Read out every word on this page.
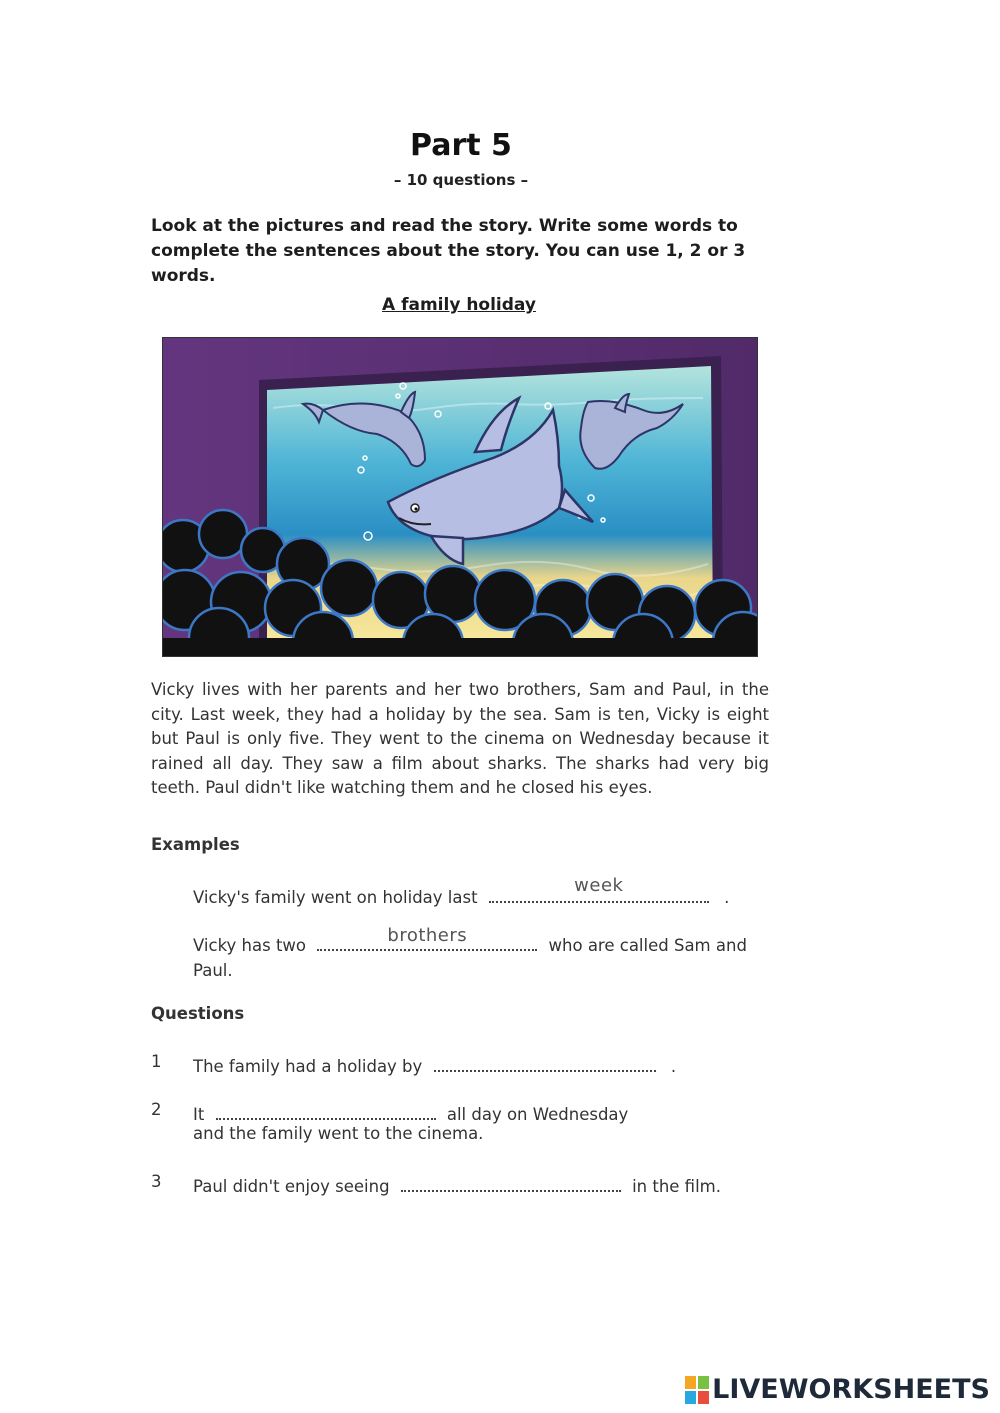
Part 5
– 10 questions –
Look at the pictures and read the story. Write some words to complete the sentences about the story. You can use 1, 2 or 3 words.
A family holiday
Vicky lives with her parents and her two brothers, Sam and Paul, in the city. Last week, they had a holiday by the sea. Sam is ten, Vicky is eight but Paul is only five. They went to the cinema on Wednesday because it rained all day. They saw a film about sharks. The sharks had very big teeth. Paul didn't like watching them and he closed his eyes.
Examples
Vicky's family went on holiday last
week
.
Vicky has two	brothers	who are called Sam and Paul.
Questions
1 The family had a holiday by	.
2 It	all day on Wednesday
and the family went to the cinema.
3 Paul didn't enjoy seeing	in the film.
LIVEWORKSHEETS
